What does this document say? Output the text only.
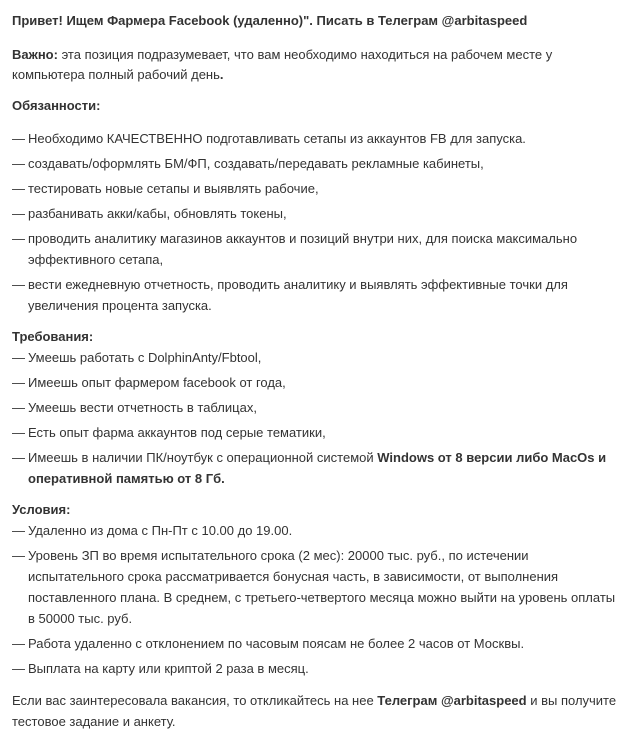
Привет! Ищем Фармера Facebook (удаленно)". Писать в Телеграм @arbitaspeed

Важно: эта позиция подразумевает, что вам необходимо находиться на рабочем месте у компьютера полный рабочий день.

Обязанности:

— Необходимо КАЧЕСТВЕННО подготавливать сетапы из аккаунтов FB для запуска.
— создавать/оформлять БМ/ФП, создавать/передавать рекламные кабинеты,
— тестировать новые сетапы и выявлять рабочие,
— разбанивать акки/кабы, обновлять токены,
— проводить аналитику магазинов аккаунтов и позиций внутри них, для поиска максимально эффективного сетапа,
— вести ежедневную отчетность, проводить аналитику и выявлять эффективные точки для увеличения процента запуска.

Требования:

— Умеешь работать с DolphinAnty/Fbtool,
— Имеешь опыт фармером facebook от года,
— Умеешь вести отчетность в таблицах,
— Есть опыт фарма аккаунтов под серые тематики,
— Имеешь в наличии ПК/ноутбук с операционной системой Windows от 8 версии либо MacOs и оперативной памятью от 8 Гб.

Условия:

— Удаленно из дома с Пн-Пт с 10.00 до 19.00.
— Уровень ЗП во время испытательного срока (2 мес): 20000 тыс. руб., по истечении испытательного срока рассматривается бонусная часть, в зависимости, от выполнения поставленного плана. В среднем, с третьего-четвертого месяца можно выйти на уровень оплаты в 50000 тыс. руб.
— Работа удаленно с отклонением по часовым поясам не более 2 часов от Москвы.
— Выплата на карту или криптой 2 раза в месяц.

Если вас заинтересовала вакансия, то откликайтесь на нее Телеграм @arbitaspeed и вы получите тестовое задание и анкету.
